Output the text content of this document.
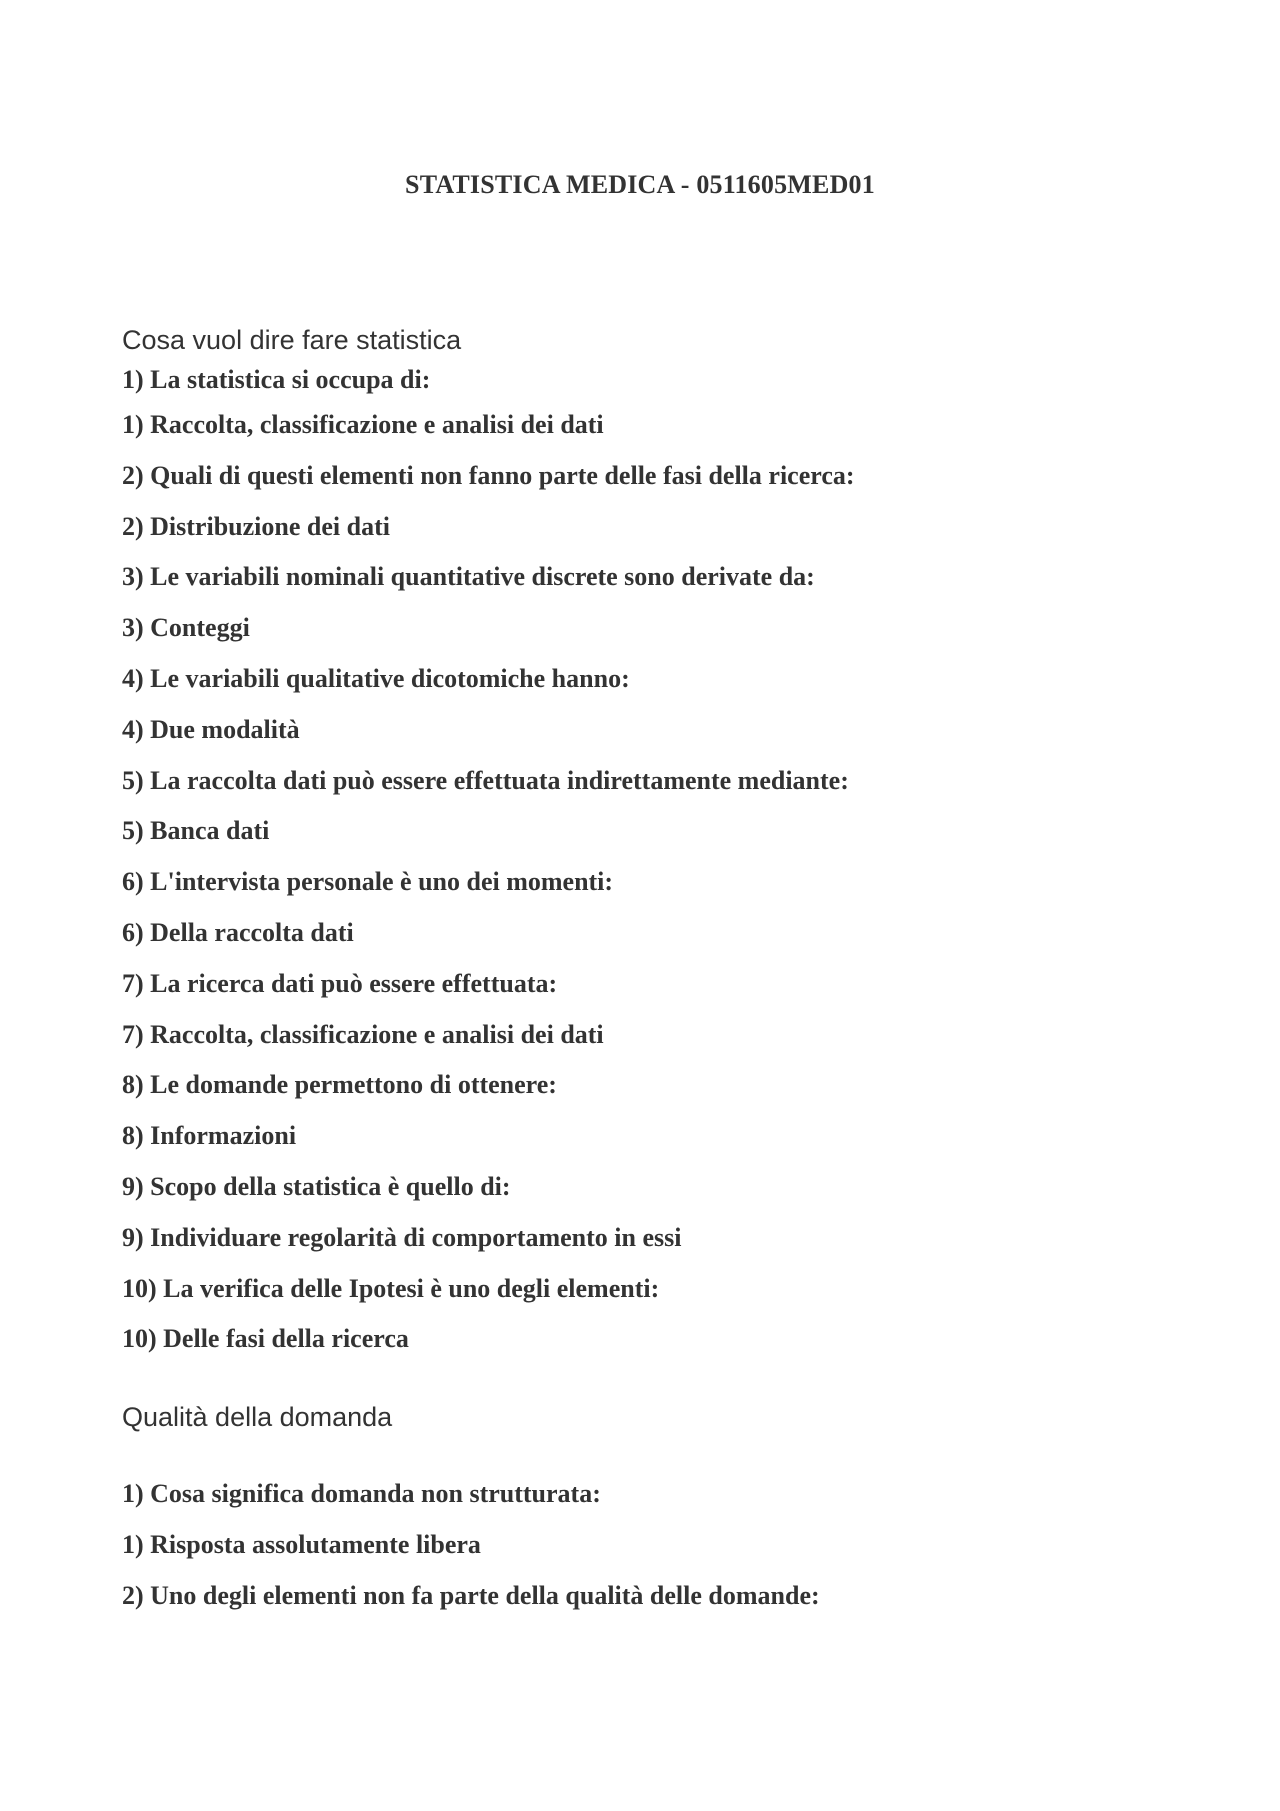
STATISTICA MEDICA - 0511605MED01
Cosa vuol dire fare statistica
1) La statistica si occupa di:
1) Raccolta, classificazione e analisi dei dati
2) Quali di questi elementi non fanno parte delle fasi della ricerca:
2) Distribuzione dei dati
3) Le variabili nominali quantitative discrete sono derivate da:
3) Conteggi
4) Le variabili qualitative dicotomiche hanno:
4) Due modalità
5) La raccolta dati può essere effettuata indirettamente mediante:
5) Banca dati
6) L'intervista personale è uno dei momenti:
6) Della raccolta dati
7) La ricerca dati può essere effettuata:
7) Raccolta, classificazione e analisi dei dati
8) Le domande permettono di ottenere:
8) Informazioni
9) Scopo della statistica è quello di:
9) Individuare regolarità di comportamento in essi
10) La verifica delle Ipotesi è uno degli elementi:
10) Delle fasi della ricerca
Qualità della domanda
1) Cosa significa domanda non strutturata:
1) Risposta assolutamente libera
2) Uno degli elementi non fa parte della qualità delle domande:
